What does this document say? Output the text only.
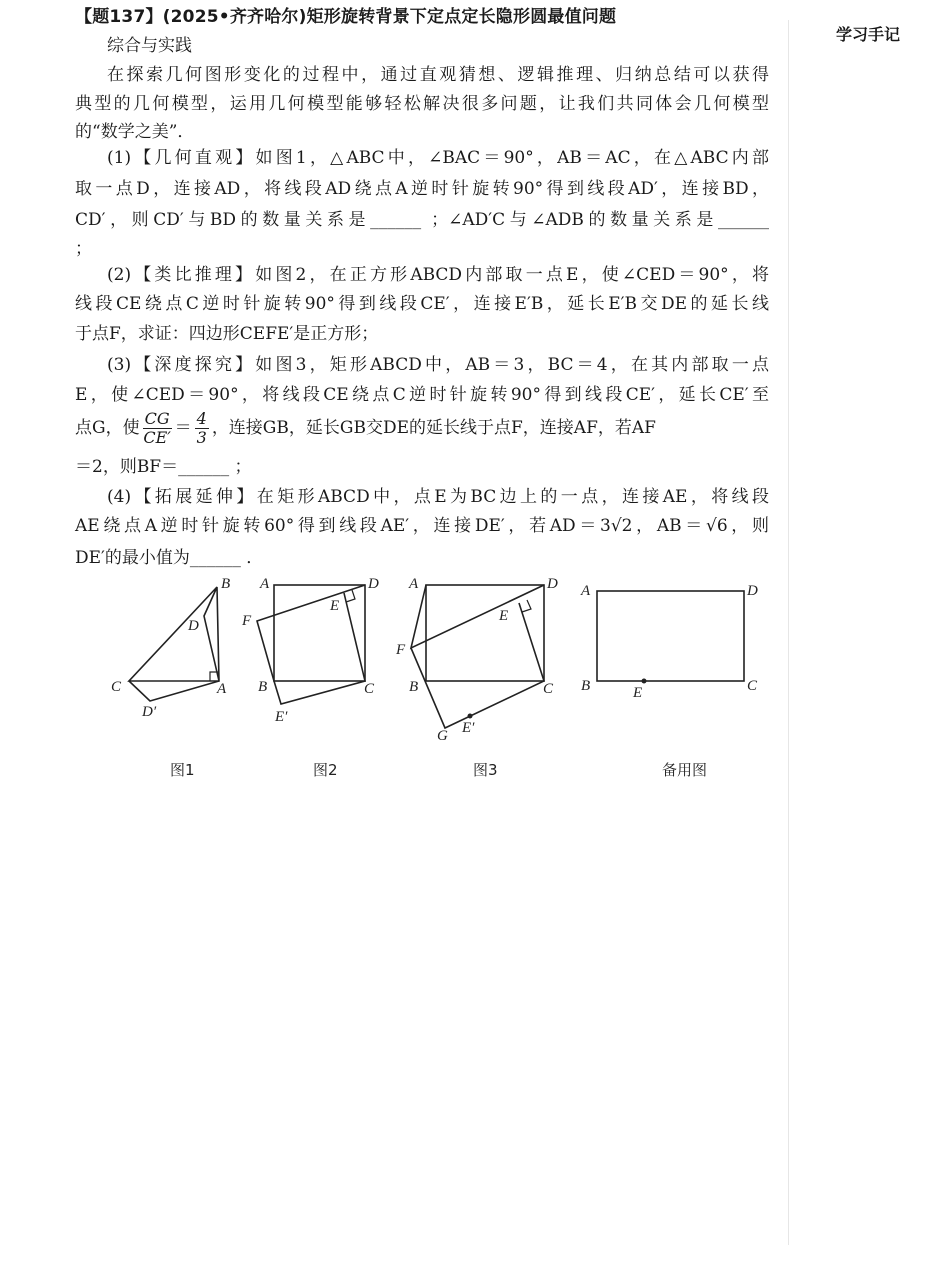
【题137】(2025•齐齐哈尔)矩形旋转背景下定点定长隐形圆最值问题
学习手记
综合与实践
在探索几何图形变化的过程中，通过直观猜想、逻辑推理、归纳总结可以获得
典型的几何模型，运用几何模型能够轻松解决很多问题，让我们共同体会几何模型
的“数学之美”．
(1)【几何直观】如图1，△ABC中，∠BAC＝90°，AB＝AC，在△ABC内部
取一点D，连接AD，将线段AD绕点A逆时针旋转90°得到线段AD′，连接BD，
CD′，则CD′与BD的数量关系是______ ；∠AD′C与∠ADB的数量关系是______
；
(2)【类比推理】如图2，在正方形ABCD内部取一点E，使∠CED＝90°，将
线段CE绕点C逆时针旋转90°得到线段CE′，连接E′B，延长E′B交DE的延长线
于点F，求证：四边形CEFE′是正方形；
(3)【深度探究】如图3，矩形ABCD中，AB＝3，BC＝4，在其内部取一点
E，使∠CED＝90°，将线段CE绕点C逆时针旋转90°得到线段CE′，延长CE′至
点G，使 $\frac{CG}{CE'} = \frac{4}{3}$ ，连接GB，延长GB交DE的延长线于点F，连接AF，若AF
＝2，则BF＝______ ；
(4)【拓展延伸】在矩形ABCD中，点E为BC边上的一点，连接AE，将线段
AE绕点A逆时针旋转60°得到线段AE′，连接DE′，若AD＝3√2，AB＝√6，则
DE′的最小值为______ ．
B
D
C	A
D′
图1
A	D
E
F
B	C
E′
图2
A	D
E
F
B	C
G E′
图3
A	D
B	C
E
备用图
